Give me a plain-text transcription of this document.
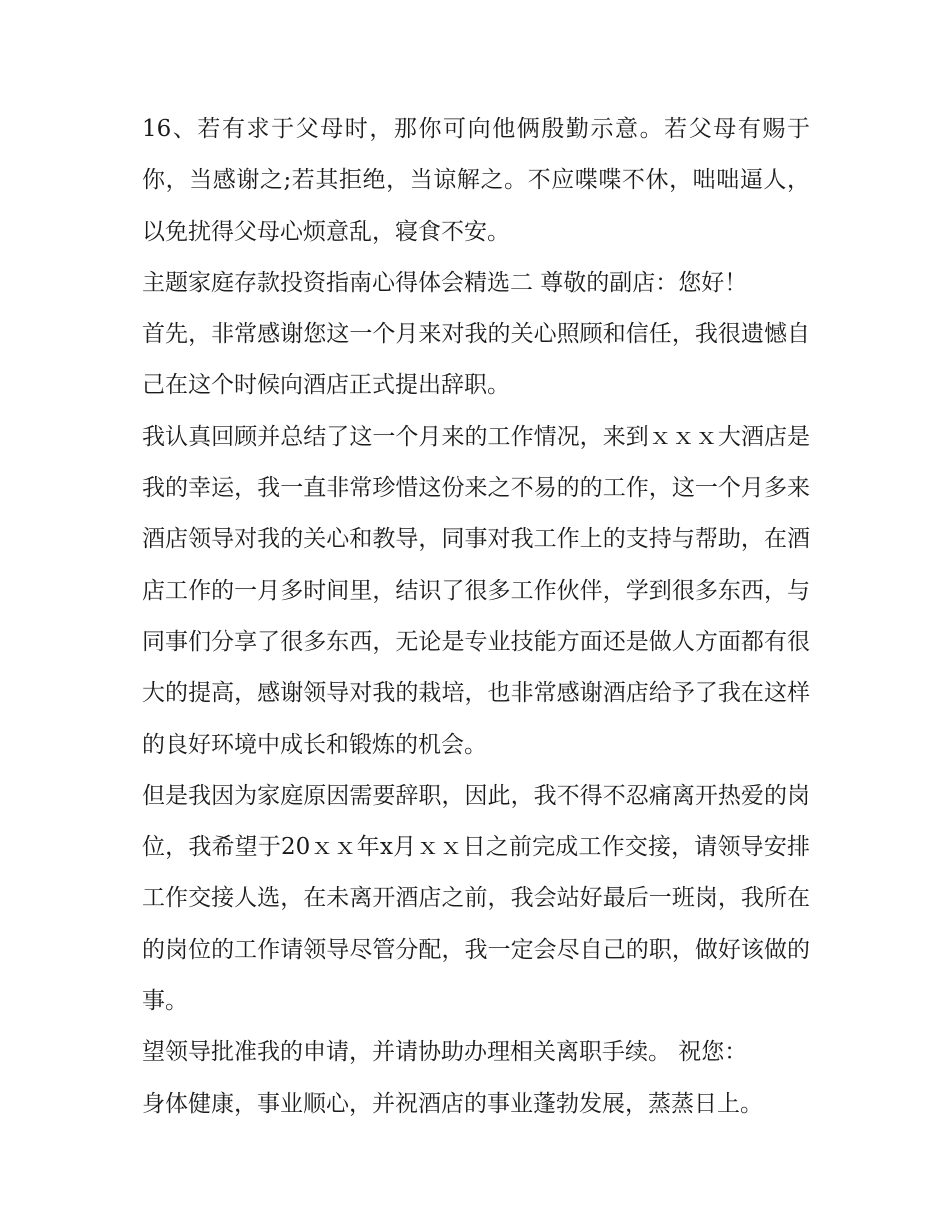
16、若有求于父母时，那你可向他俩殷勤示意。若父母有赐于你，当感谢之;若其拒绝，当谅解之。不应喋喋不休，咄咄逼人，以免扰得父母心烦意乱，寝食不安。

主题家庭存款投资指南心得体会精选二 尊敬的副店：您好！

首先，非常感谢您这一个月来对我的关心照顾和信任，我很遗憾自己在这个时候向酒店正式提出辞职。

我认真回顾并总结了这一个月来的工作情况，来到ｘｘｘ大酒店是我的幸运，我一直非常珍惜这份来之不易的的工作，这一个月多来酒店领导对我的关心和教导，同事对我工作上的支持与帮助，在酒店工作的一月多时间里，结识了很多工作伙伴，学到很多东西，与同事们分享了很多东西，无论是专业技能方面还是做人方面都有很大的提高，感谢领导对我的栽培，也非常感谢酒店给予了我在这样的良好环境中成长和锻炼的机会。

但是我因为家庭原因需要辞职，因此，我不得不忍痛离开热爱的岗位，我希望于20ｘｘ年x月ｘｘ日之前完成工作交接，请领导安排工作交接人选，在未离开酒店之前，我会站好最后一班岗，我所在的岗位的工作请领导尽管分配，我一定会尽自己的职，做好该做的事。

望领导批准我的申请，并请协助办理相关离职手续。 祝您：

身体健康，事业顺心，并祝酒店的事业蓬勃发展，蒸蒸日上。
